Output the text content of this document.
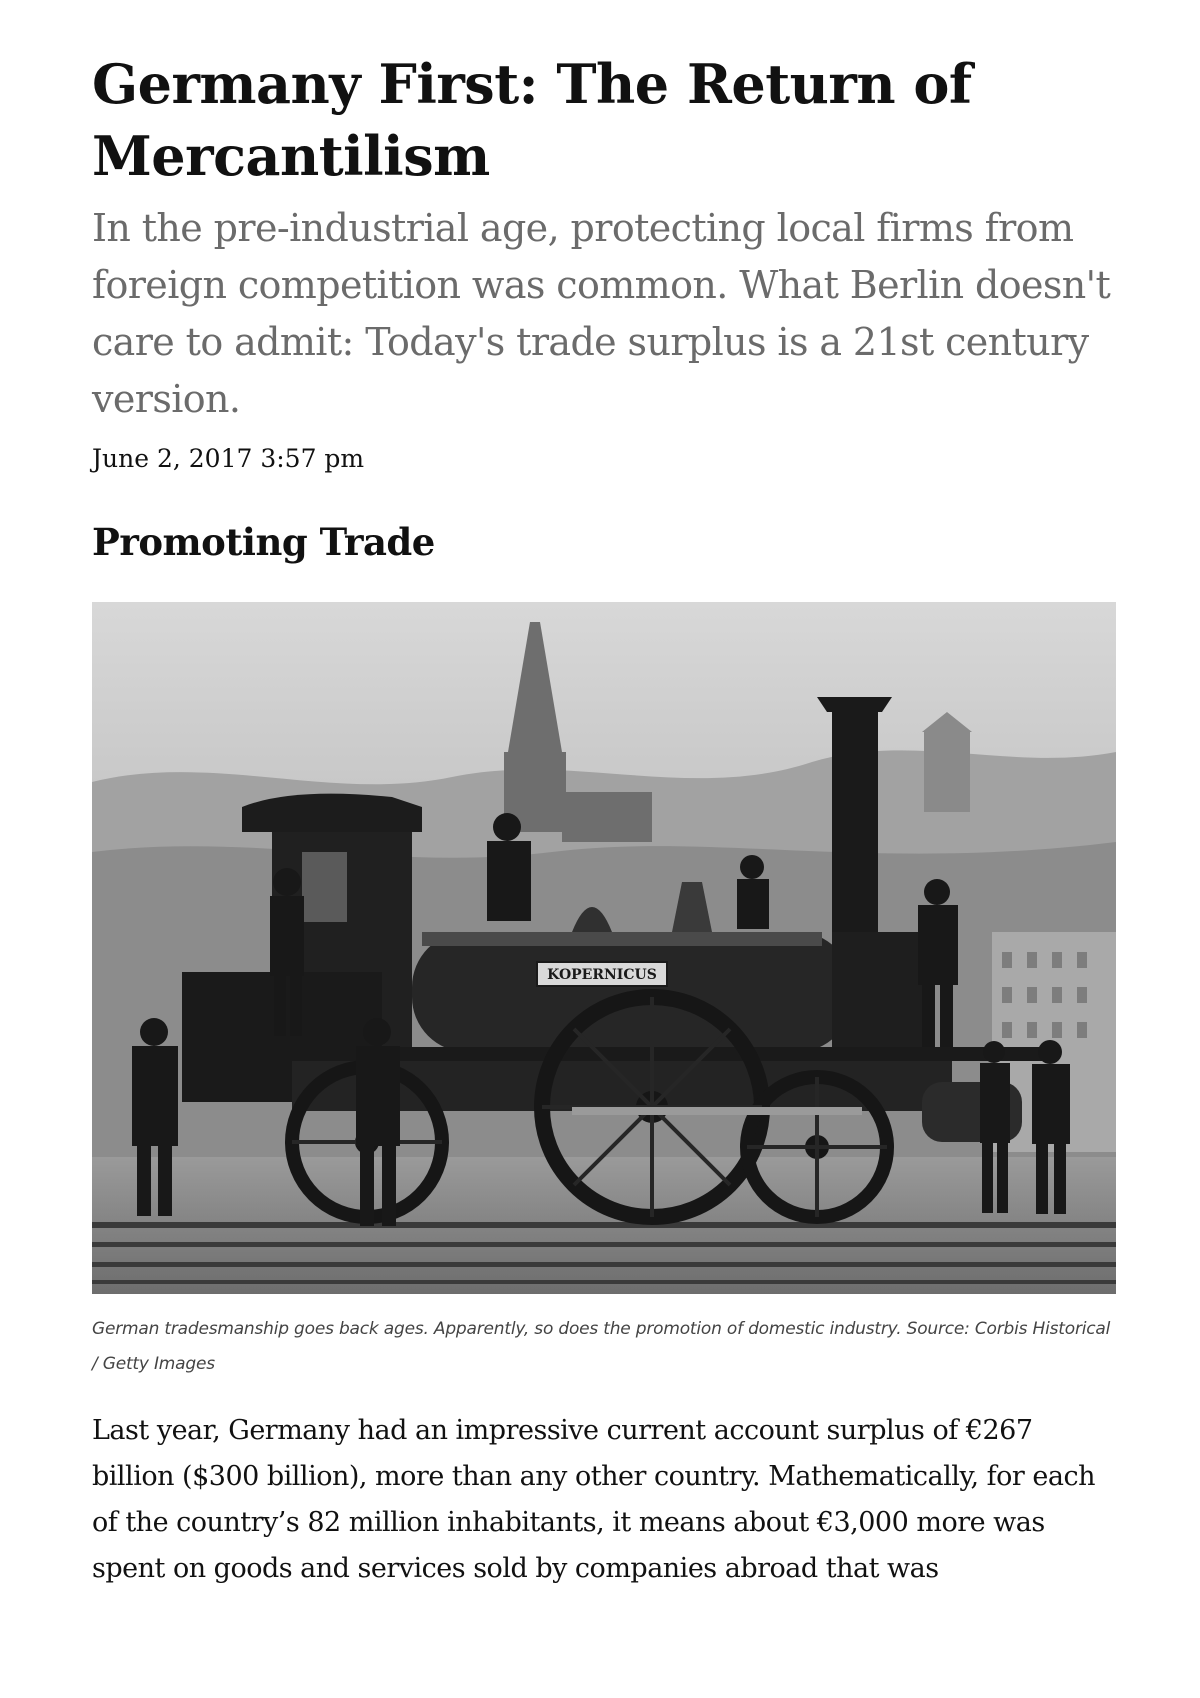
Germany First: The Return of Mercantilism

In the pre-industrial age, protecting local firms from foreign competition was common. What Berlin doesn't care to admit: Today's trade surplus is a 21st century version.

June 2, 2017 3:57 pm
Promoting Trade
KOPERNICUS
German tradesmanship goes back ages. Apparently, so does the promotion of domestic industry. Source: Corbis Historical / Getty Images

Last year, Germany had an impressive current account surplus of €267 billion ($300 billion), more than any other country. Mathematically, for each of the country’s 82 million inhabitants, it means about €3,000 more was spent on goods and services sold by companies abroad that was
